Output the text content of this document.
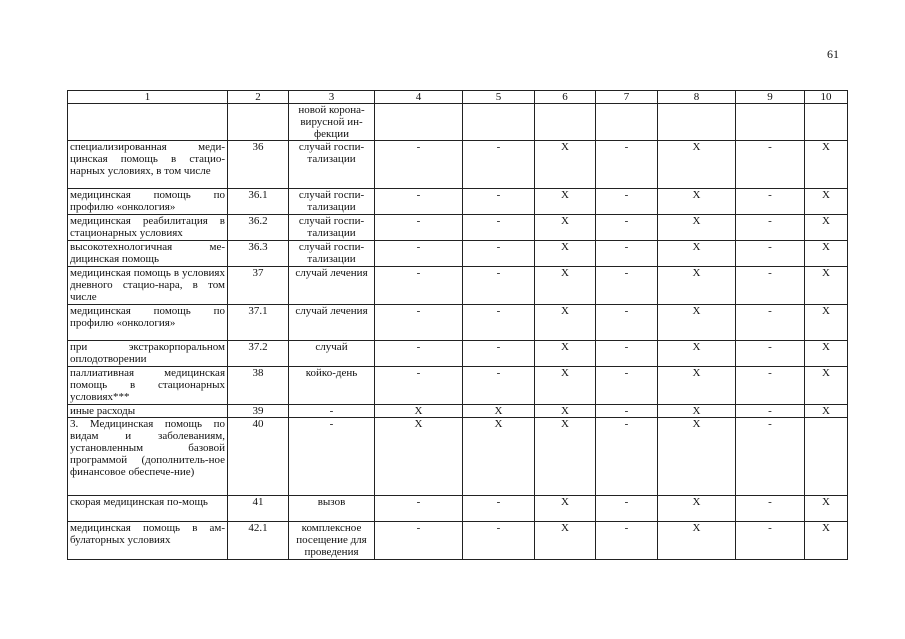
61
1	2	3	4	5	6	7	8	9	10
		новой корона-вирусной ин-фекции							
специализированная меди-цинская помощь в стацио-нарных условиях, в том числе	36	случай госпи-тализации	-	-	X	-	X	-	X
медицинская помощь по профилю «онкология»	36.1	случай госпи-тализации	-	-	X	-	X	-	X
медицинская реабилитация в стационарных условиях	36.2	случай госпи-тализации	-	-	X	-	X	-	X
высокотехнологичная ме-дицинская помощь	36.3	случай госпи-тализации	-	-	X	-	X	-	X
медицинская помощь в условиях дневного стацио-нара, в том числе	37	случай лечения	-	-	X	-	X	-	X
медицинская помощь по профилю «онкология»	37.1	случай лечения	-	-	X	-	X	-	X
при экстракорпоральном оплодотворении	37.2	случай	-	-	X	-	X	-	X
паллиативная медицинская помощь в стационарных условиях***	38	койко-день	-	-	X	-	X	-	X
иные расходы	39	-	X	X	X	-	X	-	X
3. Медицинская помощь по видам и заболеваниям, установленным базовой программой (дополнитель-ное финансовое обеспече-ние)	40	-	X	X	X	-	X	-	
скорая медицинская по-мощь	41	вызов	-	-	X	-	X	-	X
медицинская помощь в ам-булаторных условиях	42.1	комплексное посещение для проведения	-	-	X	-	X	-	X
